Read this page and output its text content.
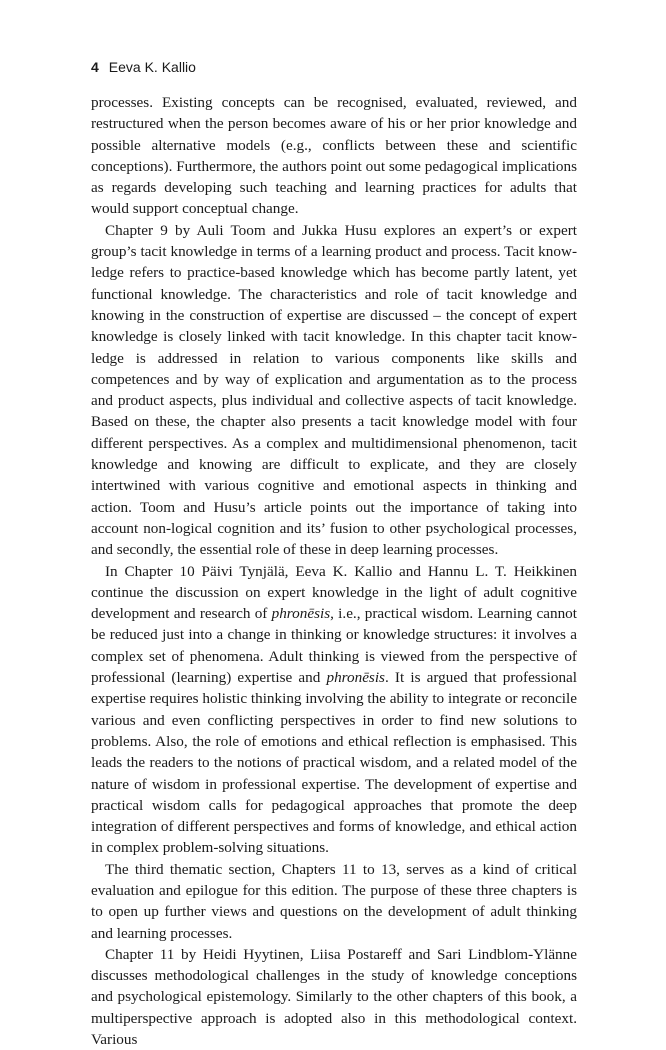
4 Eeva K. Kallio

processes. Existing concepts can be recognised, evaluated, reviewed, and restructured when the person becomes aware of his or her prior knowledge and possible alternative models (e.g., conflicts between these and scientific conceptions). Furthermore, the authors point out some pedagogical implications as regards developing such teaching and learning practices for adults that would support conceptual change.

Chapter 9 by Auli Toom and Jukka Husu explores an expert’s or expert group’s tacit knowledge in terms of a learning product and process. Tacit knowledge refers to practice-based knowledge which has become partly latent, yet functional knowledge. The characteristics and role of tacit knowledge and knowing in the construction of expertise are discussed – the concept of expert knowledge is closely linked with tacit knowledge. In this chapter tacit knowledge is addressed in relation to various components like skills and competences and by way of explication and argumentation as to the process and product aspects, plus individual and collective aspects of tacit knowledge. Based on these, the chapter also presents a tacit knowledge model with four different perspectives. As a complex and multidimensional phenomenon, tacit knowledge and knowing are difficult to explicate, and they are closely intertwined with various cognitive and emotional aspects in thinking and action. Toom and Husu’s article points out the importance of taking into account non-logical cognition and its’ fusion to other psychological processes, and secondly, the essential role of these in deep learning processes.

In Chapter 10 Päivi Tynjälä, Eeva K. Kallio and Hannu L. T. Heikkinen continue the discussion on expert knowledge in the light of adult cognitive development and research of phronēsis, i.e., practical wisdom. Learning cannot be reduced just into a change in thinking or knowledge structures: it involves a complex set of phenomena. Adult thinking is viewed from the perspective of professional (learning) expertise and phronēsis. It is argued that professional expertise requires holistic thinking involving the ability to integrate or reconcile various and even conflicting perspectives in order to find new solutions to problems. Also, the role of emotions and ethical reflection is emphasised. This leads the readers to the notions of practical wisdom, and a related model of the nature of wisdom in professional expertise. The development of expertise and practical wisdom calls for pedagogical approaches that promote the deep integration of different perspectives and forms of knowledge, and ethical action in complex problem-solving situations.

The third thematic section, Chapters 11 to 13, serves as a kind of critical evaluation and epilogue for this edition. The purpose of these three chapters is to open up further views and questions on the development of adult thinking and learning processes.

Chapter 11 by Heidi Hyytinen, Liisa Postareff and Sari Lindblom-Ylänne discusses methodological challenges in the study of knowledge conceptions and psychological epistemology. Similarly to the other chapters of this book, a multiperspective approach is adopted also in this methodological context. Various
